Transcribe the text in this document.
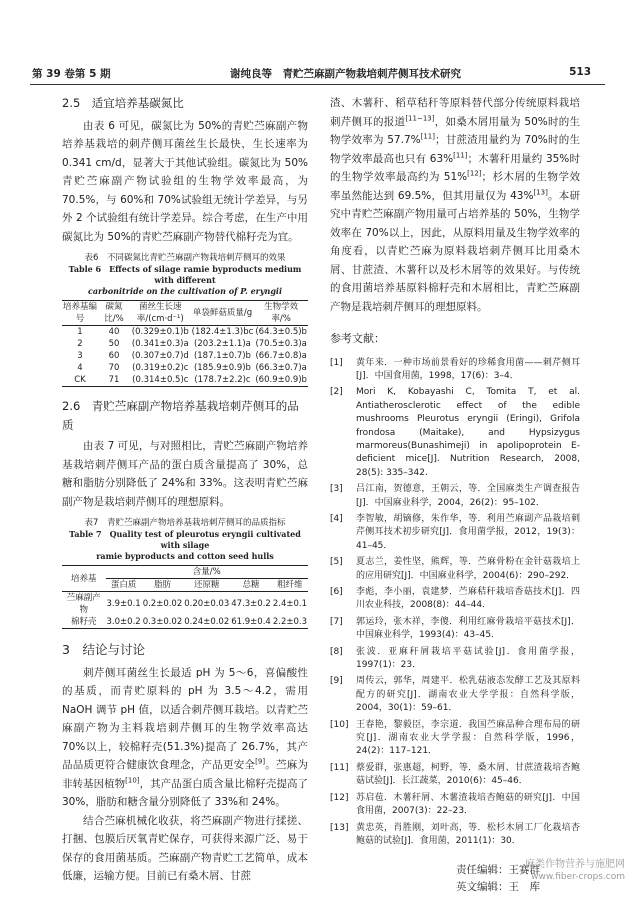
第 39 卷第 5 期	谢纯良等　青贮苎麻副产物栽培刺芹侧耳技术研究	513
2.5　适宜培养基碳氮比

由表 6 可见，碳氮比为 50%的青贮苎麻副产物培养基栽培的刺芹侧耳菌丝生长最快，生长速率为 0.341 cm/d，显著大于其他试验组。碳氮比为 50%青贮苎麻副产物试验组的生物学效率最高，为 70.5%，与 60%和 70%试验组无统计学差异，与另外 2 个试验组有统计学差异。综合考虑，在生产中用碳氮比为 50%的青贮苎麻副产物替代棉籽壳为宜。

表6　不同碳氮比青贮苎麻副产物栽培刺芹侧耳的效果
Table 6　Effects of silage ramie byproducts medium with different
carbonitride on the cultivation of P. eryngii
培养基编号	碳氮比/%	菌丝生长速率/(cm·d⁻¹)	单袋鲜菇质量/g	生物学效率/%
1	40	(0.329±0.1)b	(182.4±1.3)bc	(64.3±0.5)b
2	50	(0.341±0.3)a	(203.2±1.1)a	(70.5±0.3)a
3	60	(0.307±0.7)d	(187.1±0.7)b	(66.7±0.8)a
4	70	(0.319±0.2)c	(185.9±0.9)b	(66.3±0.7)a
CK	71	(0.314±0.5)c	(178.7±2.2)c	(60.9±0.9)b
2.6　青贮苎麻副产物培养基栽培刺芹侧耳的品质

由表 7 可见，与对照相比，青贮苎麻副产物培养基栽培刺芹侧耳产品的蛋白质含量提高了 30%，总糖和脂肪分别降低了 24%和 33%。这表明青贮苎麻副产物是栽培刺芹侧耳的理想原料。

表7　青贮苎麻副产物培养基栽培刺芹侧耳的品质指标
Table 7　Quality test of pleurotus eryngii cultivated with silage
ramie byproducts and cotton seed hulls
培养基	含量/%				
	蛋白质	脂肪	还原糖	总糖	粗纤维
苎麻副产物	3.9±0.1	0.2±0.02	0.20±0.03	47.3±0.2	2.4±0.1
棉籽壳	3.0±0.2	0.3±0.02	0.24±0.02	61.9±0.4	2.2±0.3
3　结论与讨论

刺芹侧耳菌丝生长最适 pH 为 5～6，喜偏酸性的基质，而青贮原料的 pH 为 3.5～4.2，需用 NaOH 调节 pH 值，以适合刺芹侧耳栽培。以青贮苎麻副产物为主料栽培刺芹侧耳的生物学效率高达 70%以上，较棉籽壳(51.3%)提高了 26.7%，其产品品质更符合健康饮食理念，产品更安全[9]。苎麻为非转基因植物[10]，其产品蛋白质含量比棉籽壳提高了 30%，脂肪和糖含量分别降低了 33%和 24%。

结合苎麻机械化收获，将苎麻副产物进行揉搓、打捆、包膜后厌氧青贮保存，可获得来源广泛、易于保存的食用菌基质。苎麻副产物青贮工艺简单，成本低廉，运输方便。目前已有桑木屑、甘蔗

渣、木薯秆、稻草秸秆等原料替代部分传统原料栽培刺芹侧耳的报道[11−13]，如桑木屑用量为 50%时的生物学效率为 57.7%[11]；甘蔗渣用量约为 70%时的生物学效率最高也只有 63%[11]；木薯秆用量约 35%时的生物学效率最高约为 51%[12]；杉木屑的生物学效率虽然能达到 69.5%，但其用量仅为 43%[13]。本研究中青贮苎麻副产物用量可占培养基的 50%，生物学效率在 70%以上，因此，从原料用量及生物学效率的角度看，以青贮苎麻为原料栽培刺芹侧耳比用桑木屑、甘蔗渣、木薯秆以及杉木屑等的效果好。与传统的食用菌培养基原料棉籽壳和木屑相比，青贮苎麻副产物是栽培刺芹侧耳的理想原料。

参考文献：
[1]	黄年来．一种市场前景看好的珍稀食用菌——刺芹侧耳[J]．中国食用菌，1998，17(6)：3–4．
[2]	Mori K, Kobayashi C, Tomita T, et al. Antiatherosclerotic effect of the edible mushrooms Pleurotus eryngii (Eringi), Grifola frondosa (Maitake), and Hypsizygus marmoreus(Bunashimeji) in apolipoprotein E-deficient mice[J]. Nutrition Research, 2008, 28(5): 335–342.
[3]	吕江南，贺德意，王朝云，等．全国麻类生产调查报告[J]．中国麻业科学，2004，26(2)：95–102．
[4]	李智敏，胡镝修，朱作华，等．利用苎麻副产品栽培刺芹侧耳技术初步研究[J]．食用菌学报，2012，19(3)：41–45．
[5]	夏志兰，姜性坚，熊辉，等．苎麻骨粉在金针菇栽培上的应用研究[J]．中国麻业科学，2004(6)：290–292．
[6]	李彪，李小丽，袁建梦．苎麻秸秆栽培香菇技术[J]．四川农业科技，2008(8)：44–44．
[7]	郭运玲，张木祥，李傻．利用红麻骨栽培平菇技术[J]．中国麻业科学，1993(4)：43–45．
[8]	张波．亚麻秆屑栽培平菇试验[J]．食用菌学报，1997(1)：23．
[9]	周传云，郭华，周建平．松乳菇液态发酵工艺及其原料配方的研究[J]．湖南农业大学学报：自然科学版，2004，30(1)：59–61．
[10] 王春艳，黎毅臣，李宗道．我国苎麻品种合理布局的研究[J]．湖南农业大学学报：自然科学版，1996，24(2)：117–121．
[11] 蔡爱群，张惠超，柯野，等．桑木屑、甘蔗渣栽培杏鲍菇试验[J]．长江蔬菜，2010(6)：45–46．
[12] 苏启苞．木薯秆屑、木薯渣栽培杏鲍菇的研究[J]．中国食用菌，2007(3)：22–23．
[13] 黄忠英，肖胜刚，刘叶高，等．松杉木屑工厂化栽培杏鲍菇的试验[J]．食用菌，2011(1)：30．
责任编辑：王赛群
英文编辑：王　库
麻类作物营养与施肥网
www.fiber-crops.com
